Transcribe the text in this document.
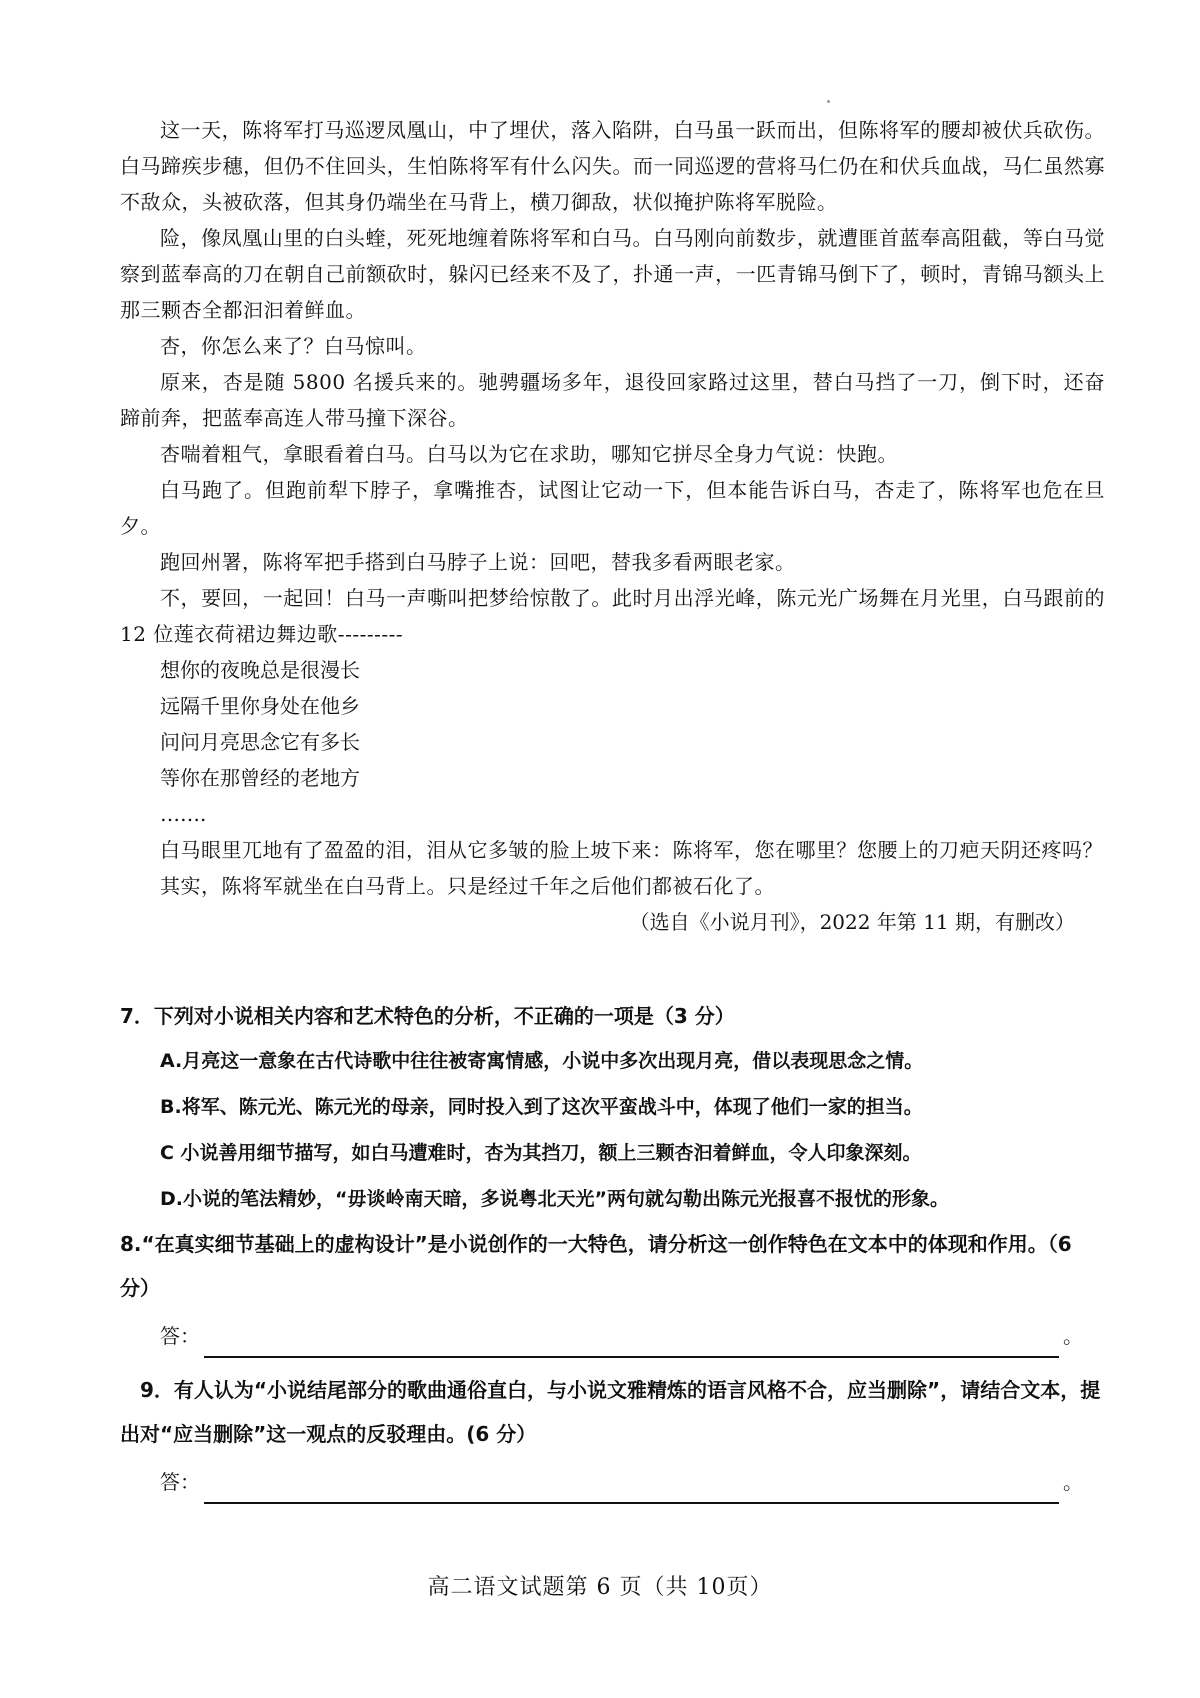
这一天，陈将军打马巡逻凤凰山，中了埋伏，落入陷阱，白马虽一跃而出，但陈将军的腰却被伏兵砍伤。白马蹄疾步穗，但仍不住回头，生怕陈将军有什么闪失。而一同巡逻的营将马仁仍在和伏兵血战，马仁虽然寡不敌众，头被砍落，但其身仍端坐在马背上，横刀御敌，状似掩护陈将军脱险。

险，像凤凰山里的白头蝰，死死地缠着陈将军和白马。白马刚向前数步，就遭匪首蓝奉高阻截，等白马觉察到蓝奉高的刀在朝自己前额砍时，躲闪已经来不及了，扑通一声，一匹青锦马倒下了，顿时，青锦马额头上那三颗杏全都汩汩着鲜血。

杏，你怎么来了？白马惊叫。

原来，杏是随 5800 名援兵来的。驰骋疆场多年，退役回家路过这里，替白马挡了一刀，倒下时，还奋蹄前奔，把蓝奉高连人带马撞下深谷。

杏喘着粗气，拿眼看着白马。白马以为它在求助，哪知它拼尽全身力气说：快跑。

白马跑了。但跑前犁下脖子，拿嘴推杏，试图让它动一下，但本能告诉白马，杏走了，陈将军也危在旦夕。

跑回州署，陈将军把手搭到白马脖子上说：回吧，替我多看两眼老家。

不，要回，一起回！白马一声嘶叫把梦给惊散了。此时月出浮光峰，陈元光广场舞在月光里，白马跟前的 12 位莲衣荷裙边舞边歌---------

想你的夜晚总是很漫长

远隔千里你身处在他乡

问问月亮思念它有多长

等你在那曾经的老地方

…….

白马眼里兀地有了盈盈的泪，泪从它多皱的脸上坡下来：陈将军，您在哪里？您腰上的刀疤天阴还疼吗？

其实，陈将军就坐在白马背上。只是经过千年之后他们都被石化了。

（选自《小说月刊》，2022 年第 11 期，有删改）

7．下列对小说相关内容和艺术特色的分析，不正确的一项是（3 分）

A.月亮这一意象在古代诗歌中往往被寄寓情感，小说中多次出现月亮，借以表现思念之情。

B.将军、陈元光、陈元光的母亲，同时投入到了这次平蛮战斗中，体现了他们一家的担当。

C 小说善用细节描写，如白马遭难时，杏为其挡刀，额上三颗杏汩着鲜血，令人印象深刻。

D.小说的笔法精妙，“毋谈岭南天暗，多说粤北天光”两句就勾勒出陈元光报喜不报忧的形象。

8.“在真实细节基础上的虚构设计”是小说创作的一大特色，请分析这一创作特色在文本中的体现和作用。（6 分）

答：	。

9．有人认为“小说结尾部分的歌曲通俗直白，与小说文雅精炼的语言风格不合，应当删除”，请结合文本，提出对“应当删除”这一观点的反驳理由。(6 分）

答：	。
高二语文试题第 6 页（共 10页）
